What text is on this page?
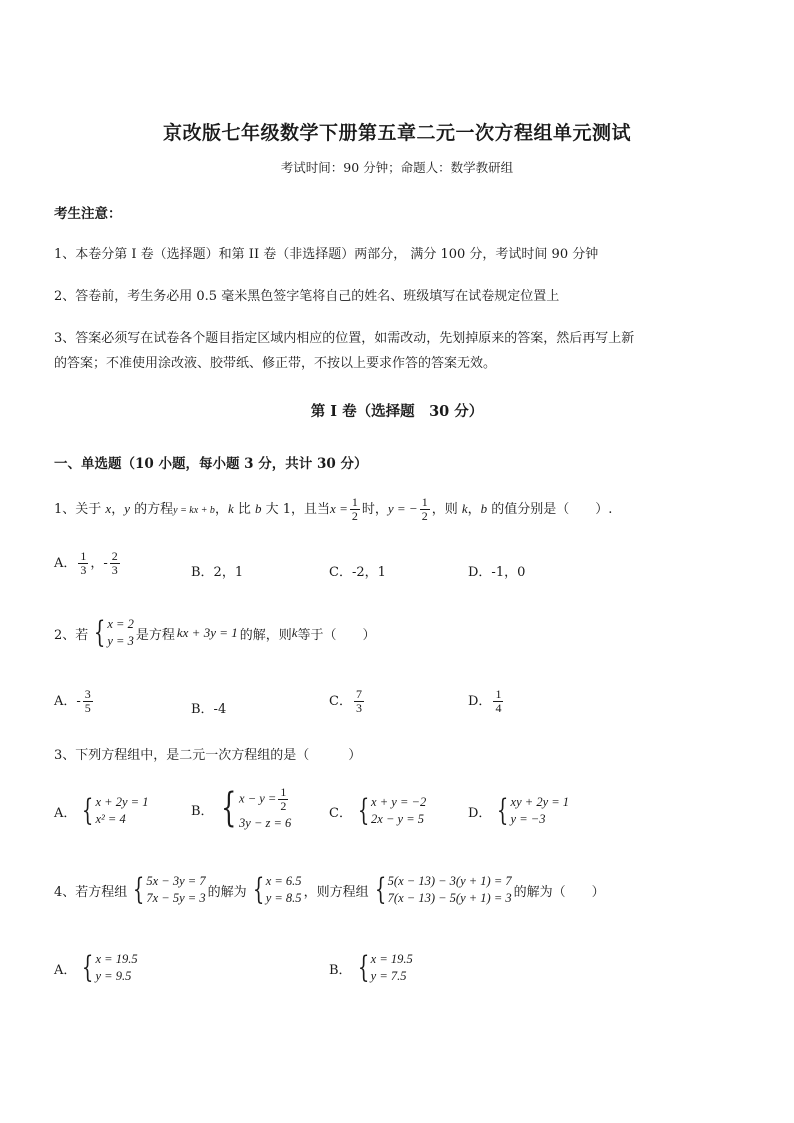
京改版七年级数学下册第五章二元一次方程组单元测试
考试时间：90 分钟；命题人：数学教研组
考生注意：
1、本卷分第 I 卷（选择题）和第 II 卷（非选择题）两部分， 满分 100 分，考试时间 90 分钟
2、答卷前，考生务必用 0.5 毫米黑色签字笔将自己的姓名、班级填写在试卷规定位置上
3、答案必须写在试卷各个题目指定区域内相应的位置，如需改动，先划掉原来的答案，然后再写上新
的答案；不准使用涂改液、胶带纸、修正带，不按以上要求作答的答案无效。
第 I 卷（选择题　30 分）
一、单选题（10 小题，每小题 3 分，共计 30 分）
1、关于 x，y 的方程y = kx + b，k 比 b 大 1，且当$x = \frac{1}{2}$ 时，y = − $\frac{1}{2}$ ，则 k，b 的值分别是（　　）.
A． $\frac{1}{3}$ ，- $\frac{2}{3}$	B．2，1	C．-2，1	D．-1，0
2、若 { x = 2
y = 3 是方程 kx + 3y = 1 的解，则 k 等于（　　）
A．- $\frac{3}{5}$	B．-4
C． $\frac{7}{3}$	D． $\frac{1}{4}$
3、下列方程组中，是二元一次方程组的是（　　　）
A． { x + 2y = 1
x² = 4	B． { $x - y = \frac{1}{2}$
3y − z = 6
C． { x + y = −2
2x − y = 5	D． { xy + 2y = 1
y = −3
4、若方程组 { 5x − 3y = 7
7x − 5y = 3 的解为 { x = 6.5
y = 8.5 ，则方程组 { 5(x − 13) − 3(y + 1) = 7
7(x − 13) − 5(y + 1) = 3 的解为（　　）
A． { x = 19.5
y = 9.5	B． { x = 19.5
y = 7.5
